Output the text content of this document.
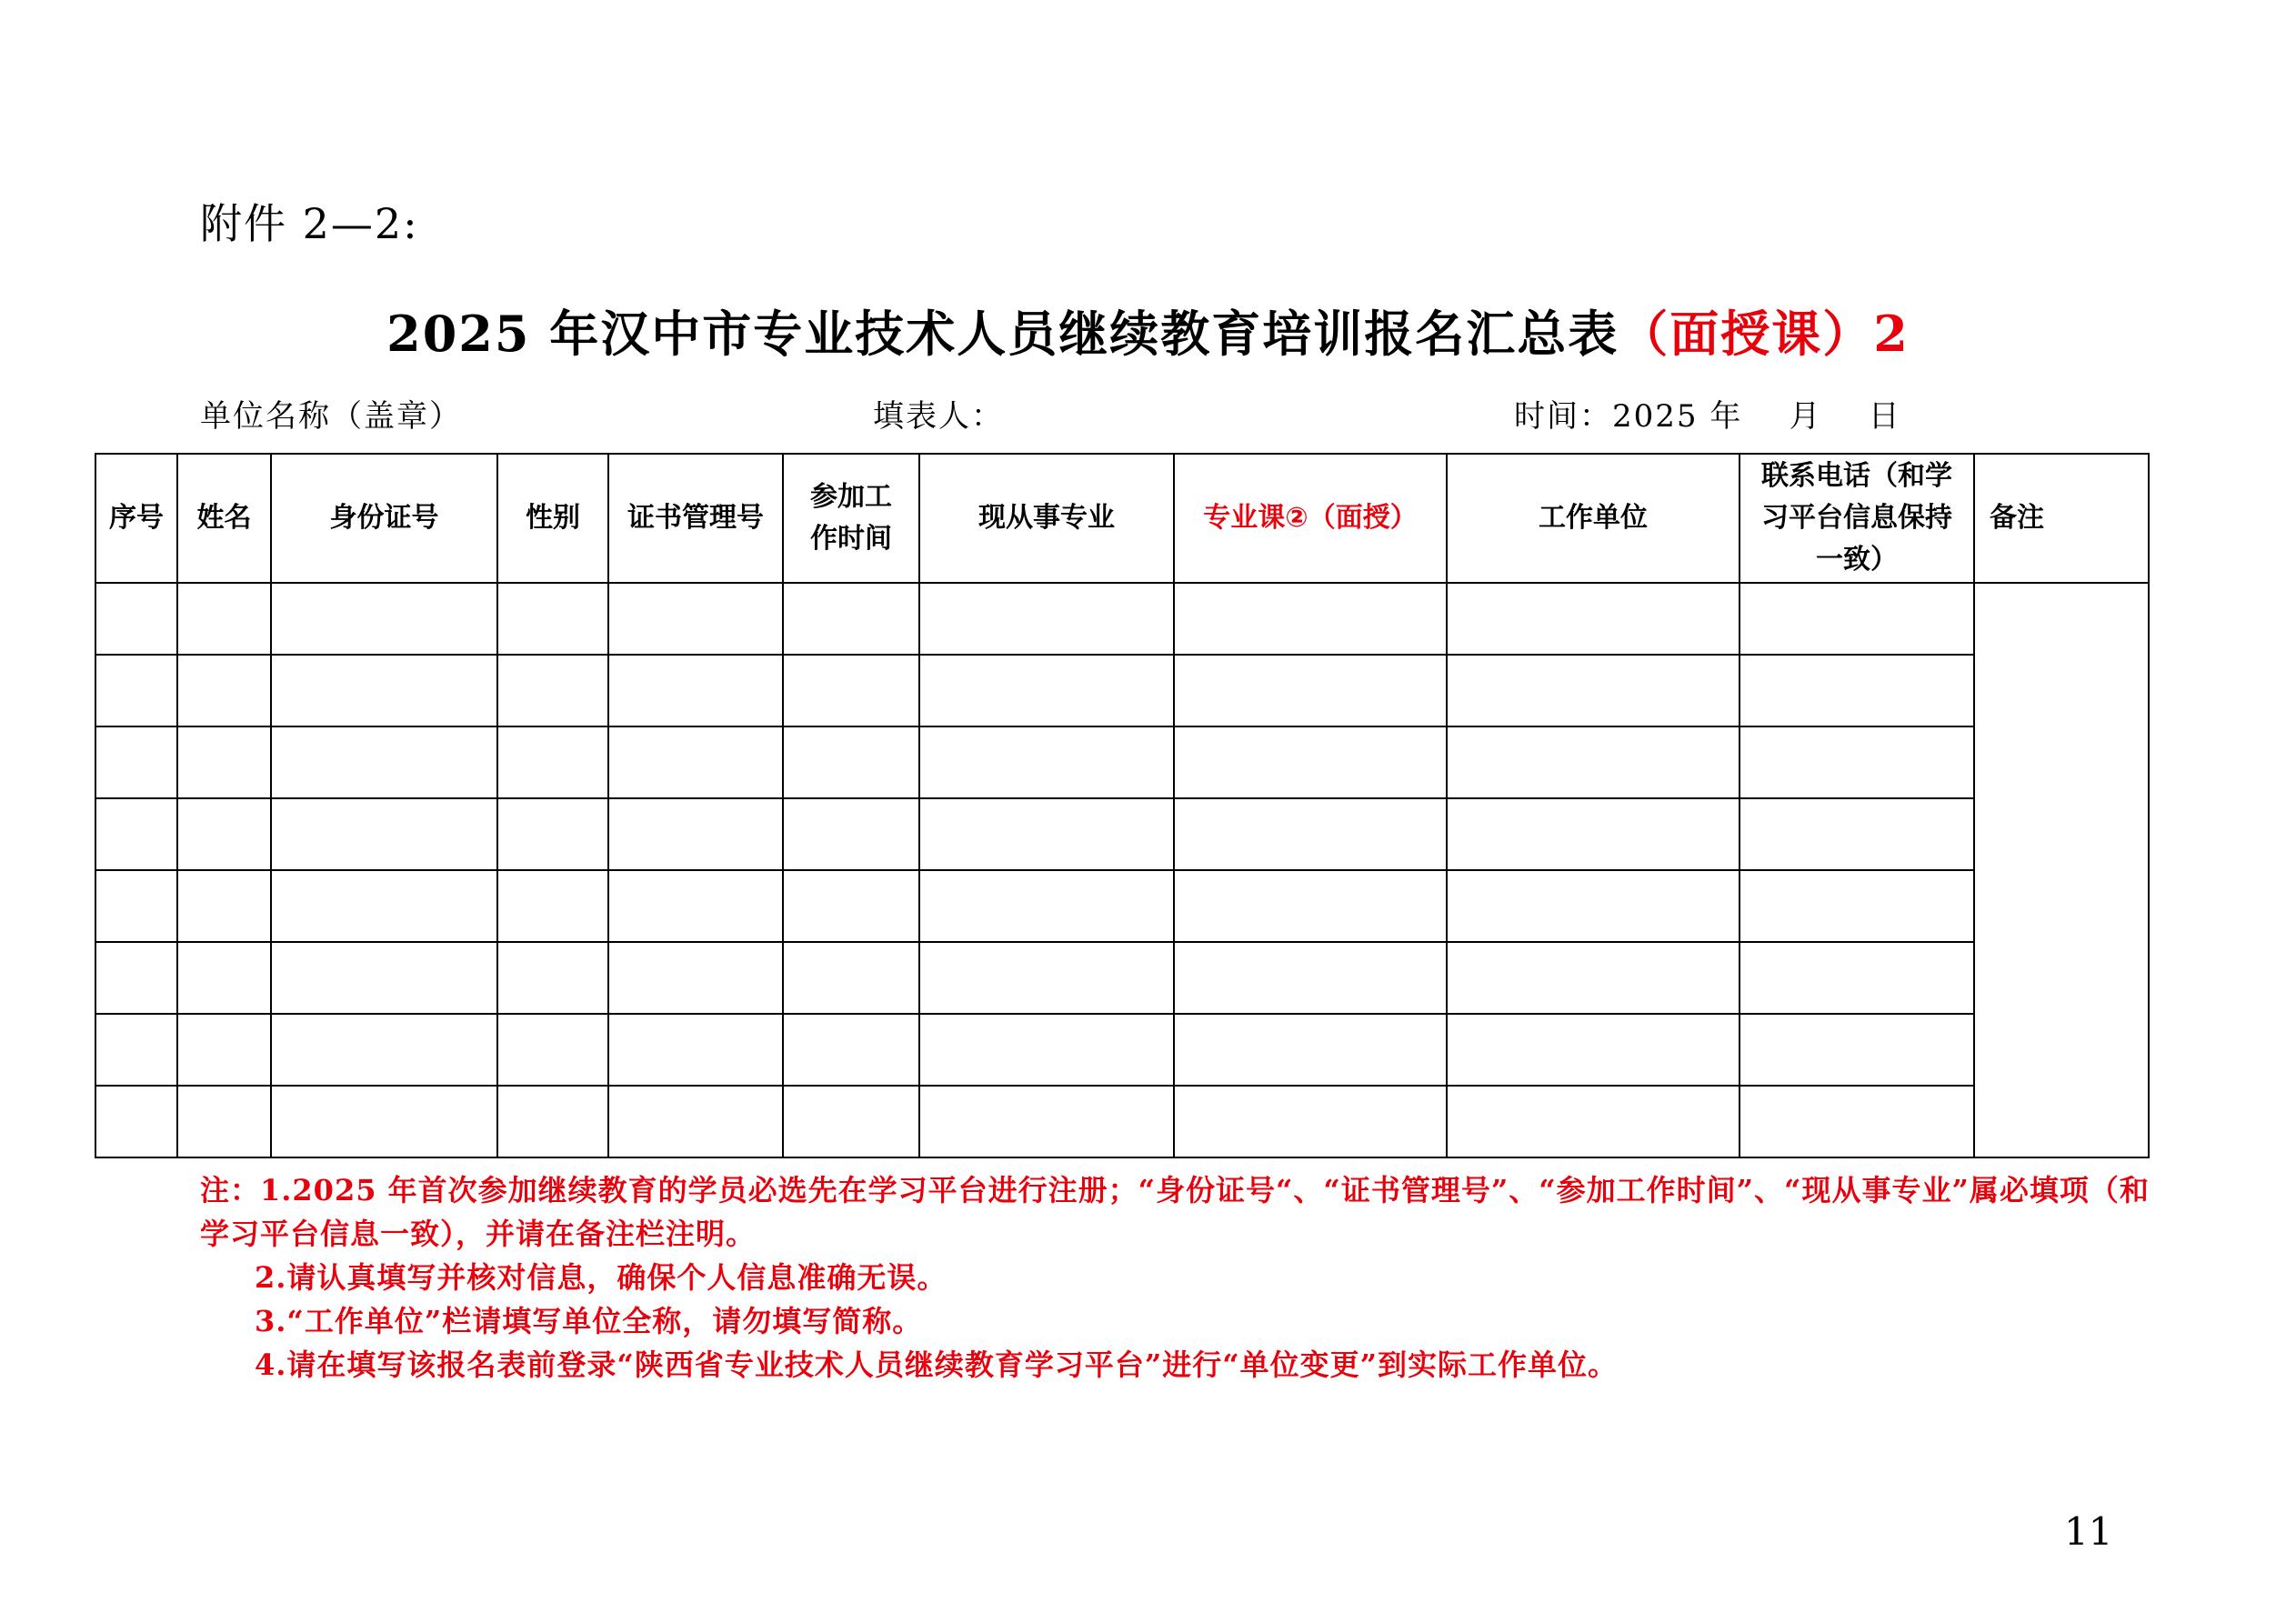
附件 2—2:
2025 年汉中市专业技术人员继续教育培训报名汇总表（面授课）2
单位名称（盖章）	填表人：	时间：2025 年    月    日
序号	姓名	身份证号	性别	证书管理号	参加工作时间	现从事专业	专业课②（面授）	工作单位	联系电话（和学习平台信息保持一致）	备注

注：1.2025 年首次参加继续教育的学员必选先在学习平台进行注册；“身份证号“、“证书管理号”、“参加工作时间”、“现从事专业”属必填项（和学习平台信息一致），并请在备注栏注明。
2.请认真填写并核对信息，确保个人信息准确无误。
3.“工作单位”栏请填写单位全称，请勿填写简称。
4.请在填写该报名表前登录“陕西省专业技术人员继续教育学习平台”进行“单位变更”到实际工作单位。
11
